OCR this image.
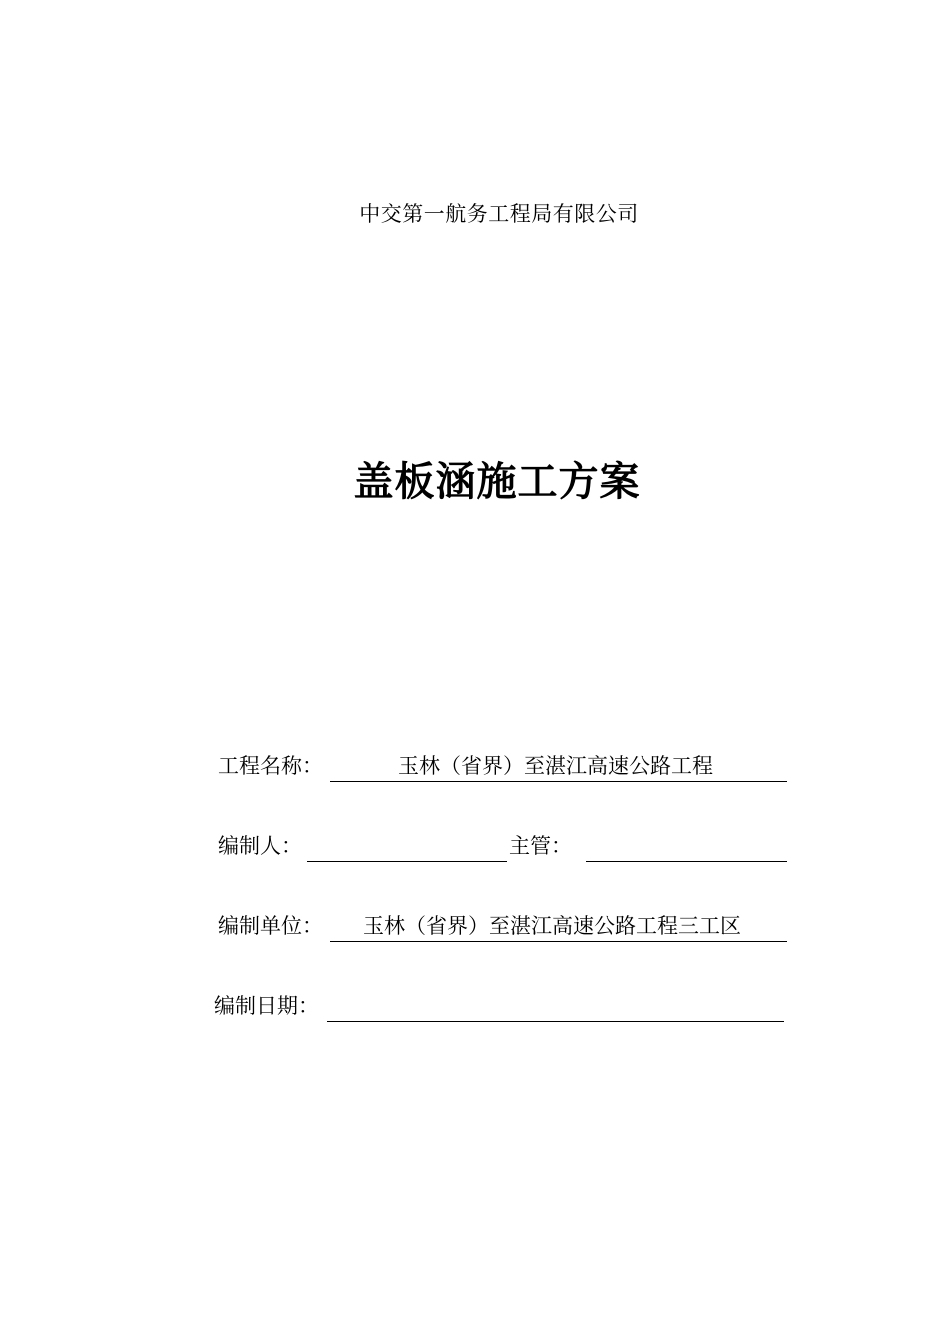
中交第一航务工程局有限公司
盖板涵施工方案
工程名称：	玉林（省界）至湛江高速公路工程
编制人：	主管：
编制单位： 玉林（省界）至湛江高速公路工程三工区
编制日期：
